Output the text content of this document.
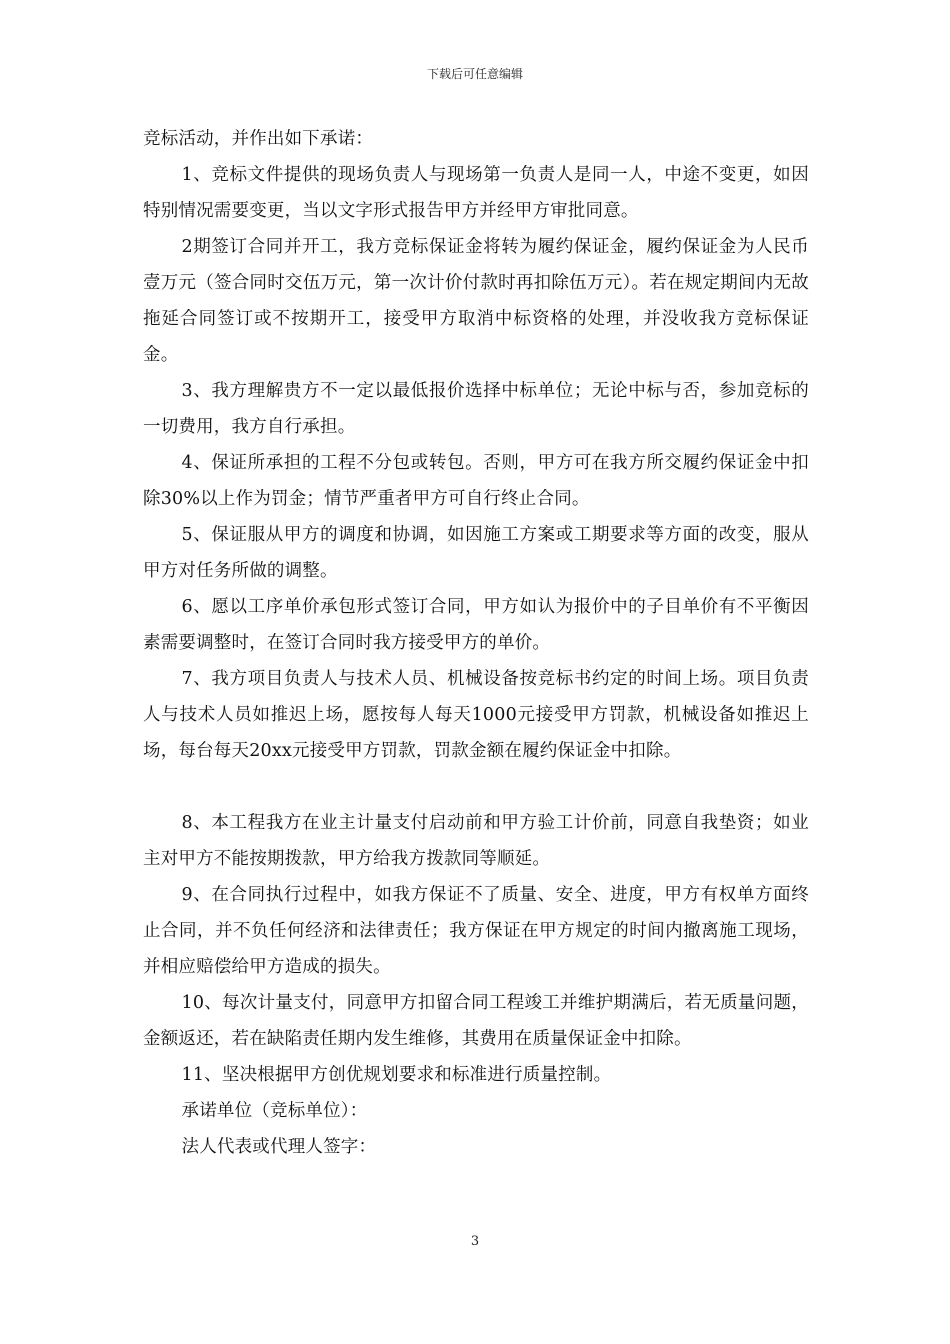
下载后可任意编辑

竞标活动，并作出如下承诺：

1、竞标文件提供的现场负责人与现场第一负责人是同一人，中途不变更，如因特别情况需要变更，当以文字形式报告甲方并经甲方审批同意。

2期签订合同并开工，我方竞标保证金将转为履约保证金，履约保证金为人民币壹万元（签合同时交伍万元，第一次计价付款时再扣除伍万元）。若在规定期间内无故拖延合同签订或不按期开工，接受甲方取消中标资格的处理，并没收我方竞标保证金。

3、我方理解贵方不一定以最低报价选择中标单位；无论中标与否，参加竞标的一切费用，我方自行承担。

4、保证所承担的工程不分包或转包。否则，甲方可在我方所交履约保证金中扣除30%以上作为罚金；情节严重者甲方可自行终止合同。

5、保证服从甲方的调度和协调，如因施工方案或工期要求等方面的改变，服从甲方对任务所做的调整。

6、愿以工序单价承包形式签订合同，甲方如认为报价中的子目单价有不平衡因素需要调整时，在签订合同时我方接受甲方的单价。

7、我方项目负责人与技术人员、机械设备按竞标书约定的时间上场。项目负责人与技术人员如推迟上场，愿按每人每天1000元接受甲方罚款，机械设备如推迟上场，每台每天20xx元接受甲方罚款，罚款金额在履约保证金中扣除。

8、本工程我方在业主计量支付启动前和甲方验工计价前，同意自我垫资；如业主对甲方不能按期拨款，甲方给我方拨款同等顺延。

9、在合同执行过程中，如我方保证不了质量、安全、进度，甲方有权单方面终止合同，并不负任何经济和法律责任；我方保证在甲方规定的时间内撤离施工现场，并相应赔偿给甲方造成的损失。

10、每次计量支付，同意甲方扣留合同工程竣工并维护期满后，若无质量问题，金额返还，若在缺陷责任期内发生维修，其费用在质量保证金中扣除。

11、坚决根据甲方创优规划要求和标准进行质量控制。

承诺单位（竞标单位）：

法人代表或代理人签字：

3
